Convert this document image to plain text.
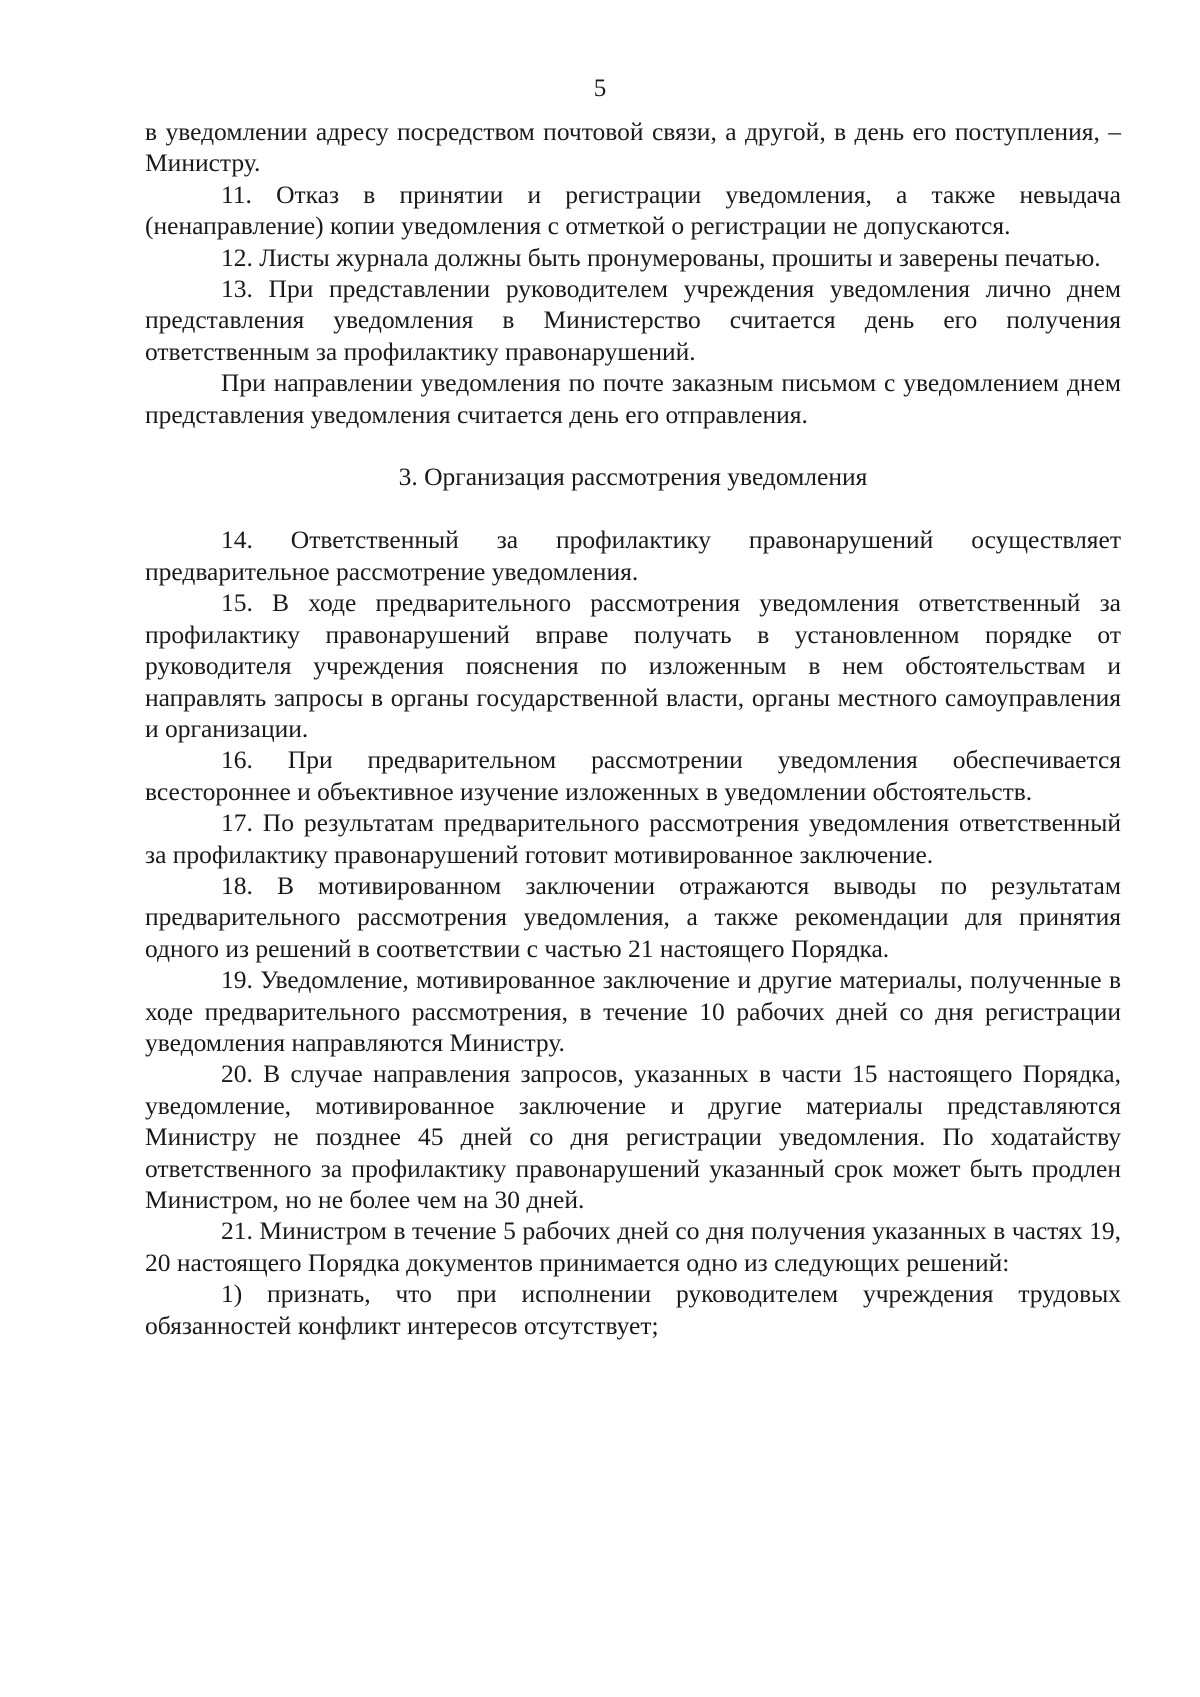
5

в уведомлении адресу посредством почтовой связи, а другой, в день его поступления, – Министру.

11. Отказ в принятии и регистрации уведомления, а также невыдача (ненаправление) копии уведомления с отметкой о регистрации не допускаются.

12. Листы журнала должны быть пронумерованы, прошиты и заверены печатью.

13. При представлении руководителем учреждения уведомления лично днем представления уведомления в Министерство считается день его получения ответственным за профилактику правонарушений.

При направлении уведомления по почте заказным письмом с уведомлением днем представления уведомления считается день его отправления.

3. Организация рассмотрения уведомления

14. Ответственный за профилактику правонарушений осуществляет предварительное рассмотрение уведомления.

15. В ходе предварительного рассмотрения уведомления ответственный за профилактику правонарушений вправе получать в установленном порядке от руководителя учреждения пояснения по изложенным в нем обстоятельствам и направлять запросы в органы государственной власти, органы местного самоуправления и организации.

16. При предварительном рассмотрении уведомления обеспечивается всестороннее и объективное изучение изложенных в уведомлении обстоятельств.

17. По результатам предварительного рассмотрения уведомления ответственный за профилактику правонарушений готовит мотивированное заключение.

18. В мотивированном заключении отражаются выводы по результатам предварительного рассмотрения уведомления, а также рекомендации для принятия одного из решений в соответствии с частью 21 настоящего Порядка.

19. Уведомление, мотивированное заключение и другие материалы, полученные в ходе предварительного рассмотрения, в течение 10 рабочих дней со дня регистрации уведомления направляются Министру.

20. В случае направления запросов, указанных в части 15 настоящего Порядка, уведомление, мотивированное заключение и другие материалы представляются Министру не позднее 45 дней со дня регистрации уведомления. По ходатайству ответственного за профилактику правонарушений указанный срок может быть продлен Министром, но не более чем на 30 дней.

21. Министром в течение 5 рабочих дней со дня получения указанных в частях 19, 20 настоящего Порядка документов принимается одно из следующих решений:

1) признать, что при исполнении руководителем учреждения трудовых обязанностей конфликт интересов отсутствует;
